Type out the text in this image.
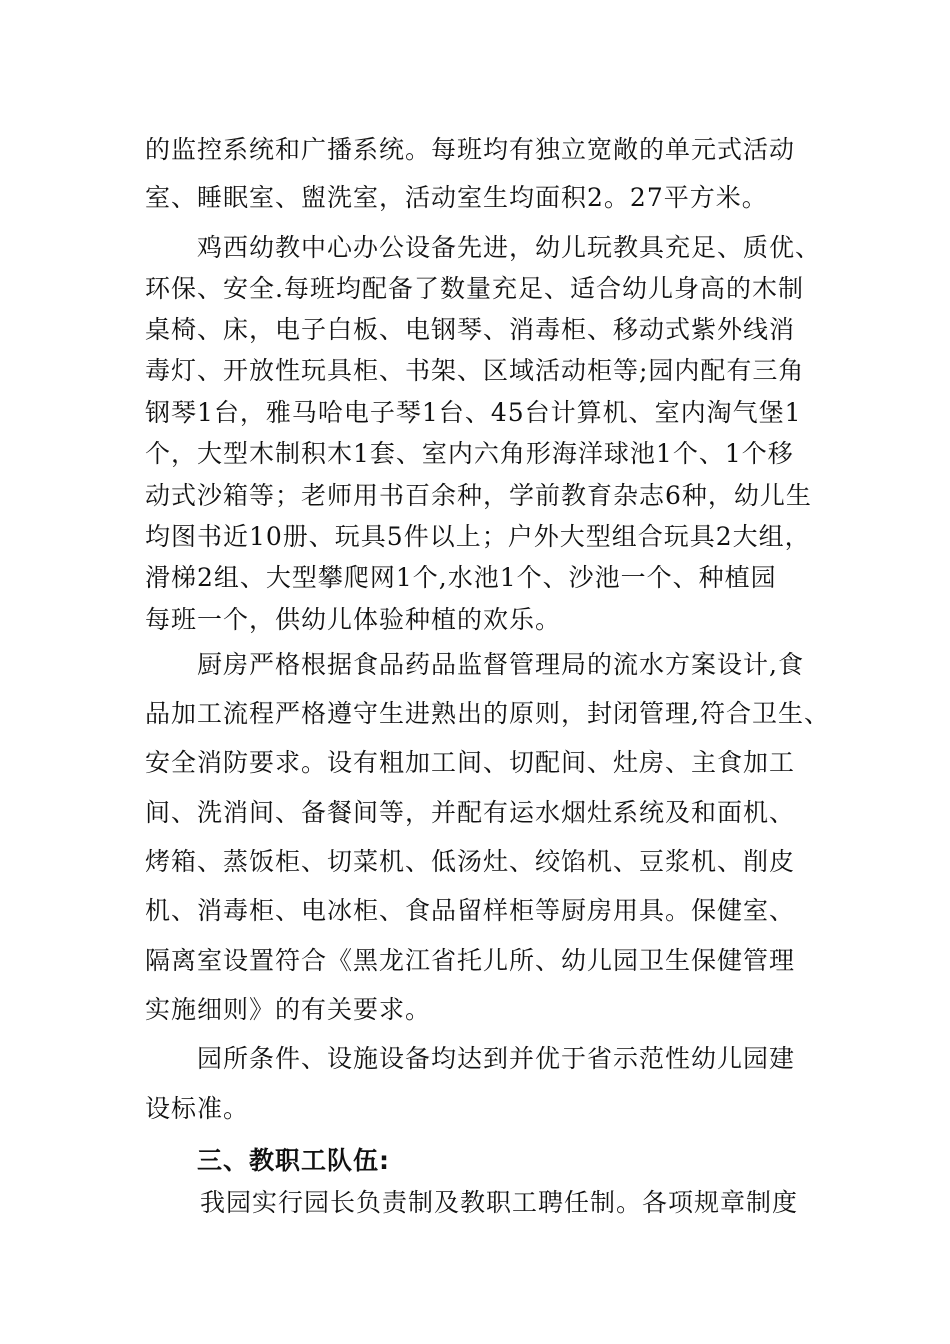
的监控系统和广播系统。每班均有独立宽敞的单元式活动
室、睡眠室、盥洗室，活动室生均面积2。27平方米。
鸡西幼教中心办公设备先进，幼儿玩教具充足、质优、
环保、安全.每班均配备了数量充足、适合幼儿身高的木制
桌椅、床，电子白板、电钢琴、消毒柜、移动式紫外线消
毒灯、开放性玩具柜、书架、区域活动柜等;园内配有三角
钢琴1台，雅马哈电子琴1台、45台计算机、室内淘气堡1
个，大型木制积木1套、室内六角形海洋球池1个、1个移
动式沙箱等；老师用书百余种，学前教育杂志6种，幼儿生
均图书近10册、玩具5件以上；户外大型组合玩具2大组，
滑梯2组、大型攀爬网1个,水池1个、沙池一个、种植园
每班一个，供幼儿体验种植的欢乐。
厨房严格根据食品药品监督管理局的流水方案设计,食
品加工流程严格遵守生进熟出的原则，封闭管理,符合卫生、
安全消防要求。设有粗加工间、切配间、灶房、主食加工
间、洗消间、备餐间等，并配有运水烟灶系统及和面机、
烤箱、蒸饭柜、切菜机、低汤灶、绞馅机、豆浆机、削皮
机、消毒柜、电冰柜、食品留样柜等厨房用具。保健室、
隔离室设置符合《黑龙江省托儿所、幼儿园卫生保健管理
实施细则》的有关要求。
园所条件、设施设备均达到并优于省示范性幼儿园建
设标准。
三、教职工队伍:
我园实行园长负责制及教职工聘任制。各项规章制度
